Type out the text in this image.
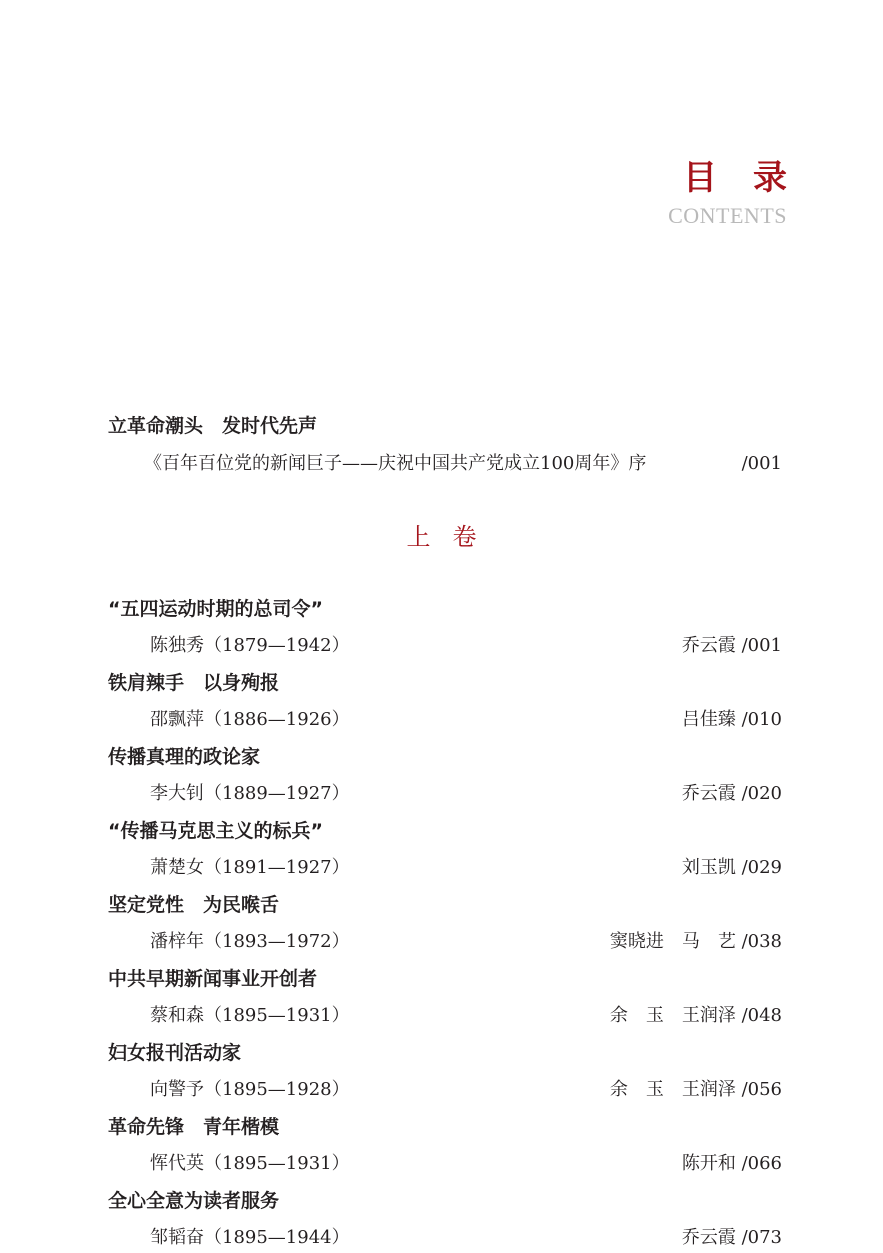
目录
CONTENTS
立革命潮头　发时代先声
《百年百位党的新闻巨子——庆祝中国共产党成立100周年》序	/001
上卷
“五四运动时期的总司令”
陈独秀（1879—1942）	乔云霞 /001
铁肩辣手　以身殉报
邵飘萍（1886—1926）	吕佳臻 /010
传播真理的政论家
李大钊（1889—1927）	乔云霞 /020
“传播马克思主义的标兵”
萧楚女（1891—1927）	刘玉凯 /029
坚定党性　为民喉舌
潘梓年（1893—1972）	窦晓进　马　艺 /038
中共早期新闻事业开创者
蔡和森（1895—1931）	余　玉　王润泽 /048
妇女报刊活动家
向警予（1895—1928）	余　玉　王润泽 /056
革命先锋　青年楷模
恽代英（1895—1931）	陈开和 /066
全心全意为读者服务
邹韬奋（1895—1944）	乔云霞 /073
